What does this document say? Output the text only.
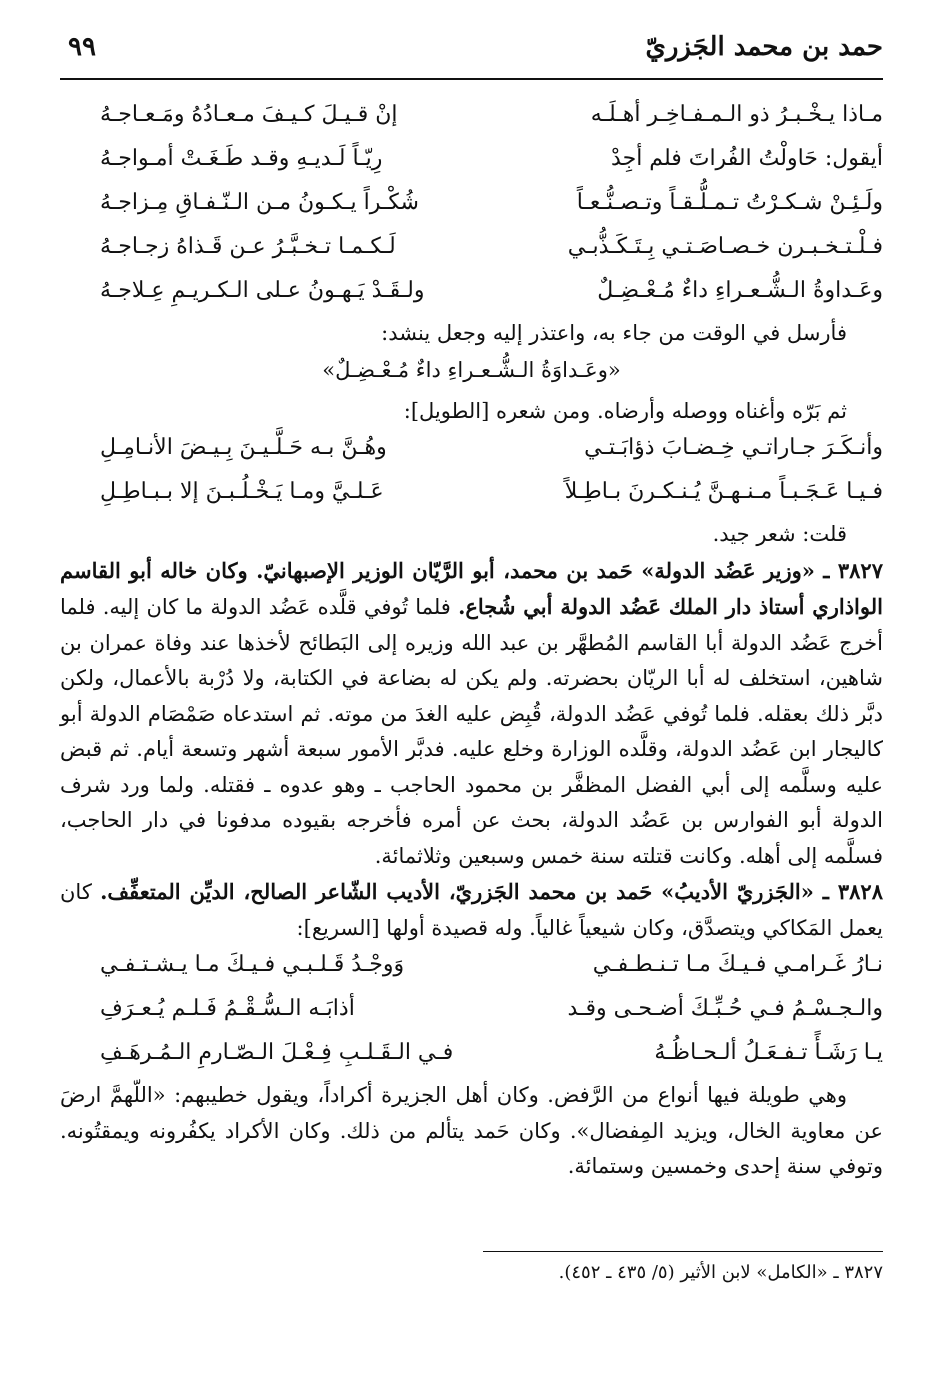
حمد بن محمد الجَزريّ
٩٩
مـاذا يـخْـبـرُ ذو الـمـفـاخِـر أهـلَـه
إنْ قـيـلَ كـيـفَ مـعـادُهُ ومَـعـاجـهُ
أيقول: حَاولْتُ الفُراتَ فلم أجِدْ
رِيّـاً لَـديـهِ وقـد طَـغَـتْ أمـواجـهُ
ولَـئِـنْ شـكـرْتُ تـمـلُّـقـاً وتـصـنُّـعـاً
شُكْـراً يـكـونُ مـن الـنّـفـاقِ مِـزاجـهُ
فـلْـتـخـبـرن خـصـاصَـتـي بِـتَـكَـذُّبـي
لَـكـمـا تـخـبَّـرُ عـن قَـذاهُ زجـاجـهُ
وعَـداوةُ الـشُّـعـراءِ داءٌ مُـعْـضِـلٌ
ولـقَـدْ يَـهـونُ عـلى الـكـريـمِ عِـلاجـهُ

فأرسل في الوقت من جاء به، واعتذر إليه وجعل ينشد:

«وعَـداوَةُ الـشُّـعـراءِ داءٌ مُـعْـضِـلٌ»

ثم بَرّه وأغناه ووصله وأرضاه. ومن شعره [الطويل]:

وأنـكَـرَ جـاراتـي خِـضـابَ ذؤابَـتـي
وهُـنَّ بـه حَـلَّـيـنَ بِـيـضَ الأنـامِـلِ
فـيـا عَـجَـبـاً مـنـهـنَّ يُـنـكـرنَ بـاطِـلاً
عَـلـيَّ ومـا يَـخْـلُـبـنَ إلا بـبـاطِـلِ

قلت: شعر جيد.

٣٨٢٧ ـ «وزير عَضُد الدولة» حَمد بن محمد، أبو الرَّيّان الوزير الإصبهانيّ. وكان خاله أبو القاسم الواذاري أستاذ دار الملك عَضُد الدولة أبي شُجاع. فلما تُوفي قلَّده عَضُد الدولة ما كان إليه. فلما أخرج عَضُد الدولة أبا القاسم المُطهَّر بن عبد الله وزيره إلى البَطائح لأخذها عند وفاة عمران بن شاهين، استخلف له أبا الريّان بحضرته. ولم يكن له بضاعة في الكتابة، ولا دُرْبة بالأعمال، ولكن دبَّر ذلك بعقله. فلما تُوفي عَضُد الدولة، قُبِض عليه الغدَ من موته. ثم استدعاه صَمْصَام الدولة أبو كاليجار ابن عَضُد الدولة، وقلَّده الوزارة وخلع عليه. فدبَّر الأمور سبعة أشهر وتسعة أيام. ثم قبض عليه وسلَّمه إلى أبي الفضل المظفَّر بن محمود الحاجب ـ وهو عدوه ـ فقتله. ولما ورد شرف الدولة أبو الفوارس بن عَضُد الدولة، بحث عن أمره فأخرجه بقيوده مدفونا في دار الحاجب، فسلَّمه إلى أهله. وكانت قتلته سنة خمس وسبعين وثلاثمائة.

٣٨٢٨ ـ «الجَزريّ الأديبُ» حَمد بن محمد الجَزريّ، الأديب الشّاعر الصالح، الديِّن المتعفِّف. كان يعمل المَكاكي ويتصدَّق، وكان شيعياً غالياً. وله قصيدة أولها [السريع]:

نـارُ غَـرامـي فـيـكَ مـا تـنـطـفـي
وَوجْـدُ قَـلـبـي فـيـكَ مـا يـشـتـفـي
والـجـسْـمُ فـي حُـبِّـكَ أضـحـى وقـد
أذابَـه الـسُّـقْـمُ فَـلـم يُـعـرَفِ
يـا رَشَـأً تـفـعَـلُ ألـحـاظُـهُ
فـي الـقَـلـبِ فِـعْـلَ الـصّـارمِ الـمُـرهَـفِ

وهي طويلة فيها أنواع من الرَّفض. وكان أهل الجزيرة أكراداً، ويقول خطيبهم: «اللّهمَّ ارضَ عن معاوية الخال، ويزيد المِفضال». وكان حَمد يتألم من ذلك. وكان الأكراد يكفُرونه ويمقتُونه. وتوفي سنة إحدى وخمسين وستمائة.

٣٨٢٧ ـ «الكامل» لابن الأثير (٥/ ٤٣٥ ـ ٤٥٢).
